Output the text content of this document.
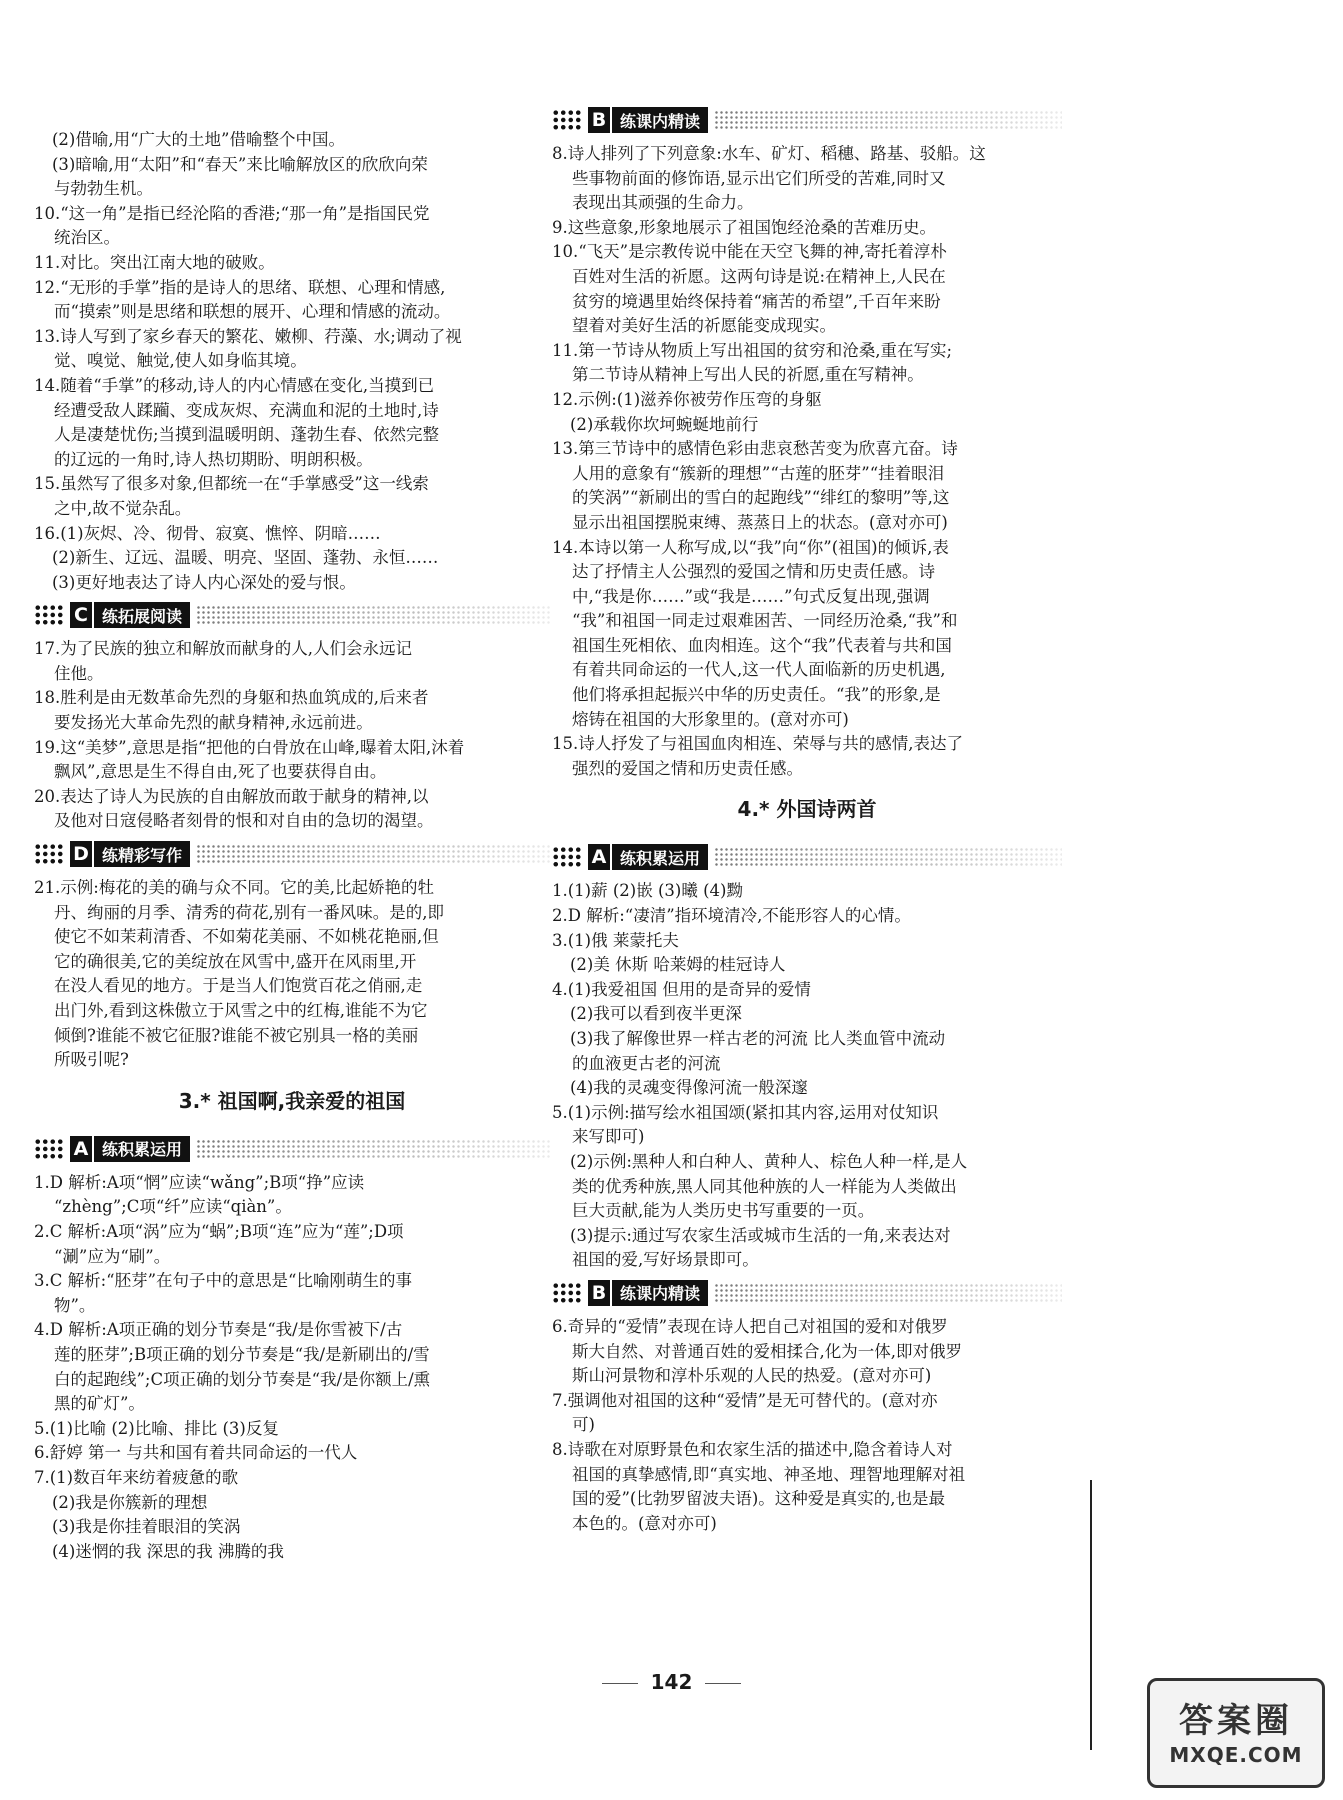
(2)借喻,用“广大的土地”借喻整个中国。

(3)暗喻,用“太阳”和“春天”来比喻解放区的欣欣向荣

与勃勃生机。

10.“这一角”是指已经沦陷的香港;“那一角”是指国民党

统治区。

11.对比。突出江南大地的破败。

12.“无形的手掌”指的是诗人的思绪、联想、心理和情感,

而“摸索”则是思绪和联想的展开、心理和情感的流动。

13.诗人写到了家乡春天的繁花、嫩柳、荇藻、水;调动了视

觉、嗅觉、触觉,使人如身临其境。

14.随着“手掌”的移动,诗人的内心情感在变化,当摸到已

经遭受敌人蹂躏、变成灰烬、充满血和泥的土地时,诗

人是凄楚忧伤;当摸到温暖明朗、蓬勃生春、依然完整

的辽远的一角时,诗人热切期盼、明朗积极。

15.虽然写了很多对象,但都统一在“手掌感受”这一线索

之中,故不觉杂乱。

16.(1)灰烬、冷、彻骨、寂寞、憔悴、阴暗……

(2)新生、辽远、温暖、明亮、坚固、蓬勃、永恒……

(3)更好地表达了诗人内心深处的爱与恨。

C 练拓展阅读

17.为了民族的独立和解放而献身的人,人们会永远记

住他。

18.胜利是由无数革命先烈的身躯和热血筑成的,后来者

要发扬光大革命先烈的献身精神,永远前进。

19.这“美梦”,意思是指“把他的白骨放在山峰,曝着太阳,沐着

飘风”,意思是生不得自由,死了也要获得自由。

20.表达了诗人为民族的自由解放而敢于献身的精神,以

及他对日寇侵略者刻骨的恨和对自由的急切的渴望。

D 练精彩写作

21.示例:梅花的美的确与众不同。它的美,比起娇艳的牡

丹、绚丽的月季、清秀的荷花,别有一番风味。是的,即

使它不如茉莉清香、不如菊花美丽、不如桃花艳丽,但

它的确很美,它的美绽放在风雪中,盛开在风雨里,开

在没人看见的地方。于是当人们饱赏百花之俏丽,走

出门外,看到这株傲立于风雪之中的红梅,谁能不为它

倾倒?谁能不被它征服?谁能不被它别具一格的美丽

所吸引呢?

3.* 祖国啊,我亲爱的祖国
A 练积累运用

1.D 解析:A项“惘”应读“wǎng”;B项“挣”应读

“zhèng”;C项“纤”应读“qiàn”。

2.C 解析:A项“涡”应为“蜗”;B项“连”应为“莲”;D项

“涮”应为“刷”。

3.C 解析:“胚芽”在句子中的意思是“比喻刚萌生的事

物”。

4.D 解析:A项正确的划分节奏是“我/是你雪被下/古

莲的胚芽”;B项正确的划分节奏是“我/是新刷出的/雪

白的起跑线”;C项正确的划分节奏是“我/是你额上/熏

黑的矿灯”。

5.(1)比喻 (2)比喻、排比 (3)反复

6.舒婷 第一 与共和国有着共同命运的一代人

7.(1)数百年来纺着疲惫的歌

(2)我是你簇新的理想

(3)我是你挂着眼泪的笑涡

(4)迷惘的我 深思的我 沸腾的我

B 练课内精读

8.诗人排列了下列意象:水车、矿灯、稻穗、路基、驳船。这

些事物前面的修饰语,显示出它们所受的苦难,同时又

表现出其顽强的生命力。

9.这些意象,形象地展示了祖国饱经沧桑的苦难历史。

10.“飞天”是宗教传说中能在天空飞舞的神,寄托着淳朴

百姓对生活的祈愿。这两句诗是说:在精神上,人民在

贫穷的境遇里始终保持着“痛苦的希望”,千百年来盼

望着对美好生活的祈愿能变成现实。

11.第一节诗从物质上写出祖国的贫穷和沧桑,重在写实;

第二节诗从精神上写出人民的祈愿,重在写精神。

12.示例:(1)滋养你被劳作压弯的身躯

(2)承载你坎坷蜿蜒地前行

13.第三节诗中的感情色彩由悲哀愁苦变为欣喜亢奋。诗

人用的意象有“簇新的理想”“古莲的胚芽”“挂着眼泪

的笑涡”“新刷出的雪白的起跑线”“绯红的黎明”等,这

显示出祖国摆脱束缚、蒸蒸日上的状态。(意对亦可)

14.本诗以第一人称写成,以“我”向“你”(祖国)的倾诉,表

达了抒情主人公强烈的爱国之情和历史责任感。诗

中,“我是你……”或“我是……”句式反复出现,强调

“我”和祖国一同走过艰难困苦、一同经历沧桑,“我”和

祖国生死相依、血肉相连。这个“我”代表着与共和国

有着共同命运的一代人,这一代人面临新的历史机遇,

他们将承担起振兴中华的历史责任。“我”的形象,是

熔铸在祖国的大形象里的。(意对亦可)

15.诗人抒发了与祖国血肉相连、荣辱与共的感情,表达了

强烈的爱国之情和历史责任感。

4.* 外国诗两首
A 练积累运用

1.(1)薪 (2)嵌 (3)曦 (4)黝

2.D 解析:“凄清”指环境清冷,不能形容人的心情。

3.(1)俄 莱蒙托夫

(2)美 休斯 哈莱姆的桂冠诗人

4.(1)我爱祖国 但用的是奇异的爱情

(2)我可以看到夜半更深

(3)我了解像世界一样古老的河流 比人类血管中流动

的血液更古老的河流

(4)我的灵魂变得像河流一般深邃

5.(1)示例:描写绘水祖国颂(紧扣其内容,运用对仗知识

来写即可)

(2)示例:黑种人和白种人、黄种人、棕色人种一样,是人

类的优秀种族,黑人同其他种族的人一样能为人类做出

巨大贡献,能为人类历史书写重要的一页。

(3)提示:通过写农家生活或城市生活的一角,来表达对

祖国的爱,写好场景即可。

B 练课内精读

6.奇异的“爱情”表现在诗人把自己对祖国的爱和对俄罗

斯大自然、对普通百姓的爱相揉合,化为一体,即对俄罗

斯山河景物和淳朴乐观的人民的热爱。(意对亦可)

7.强调他对祖国的这种“爱情”是无可替代的。(意对亦

可)

8.诗歌在对原野景色和农家生活的描述中,隐含着诗人对

祖国的真挚感情,即“真实地、神圣地、理智地理解对祖

国的爱”(比勃罗留波夫语)。这种爱是真实的,也是最

本色的。(意对亦可)

142
答案圈
MXQE.COM
